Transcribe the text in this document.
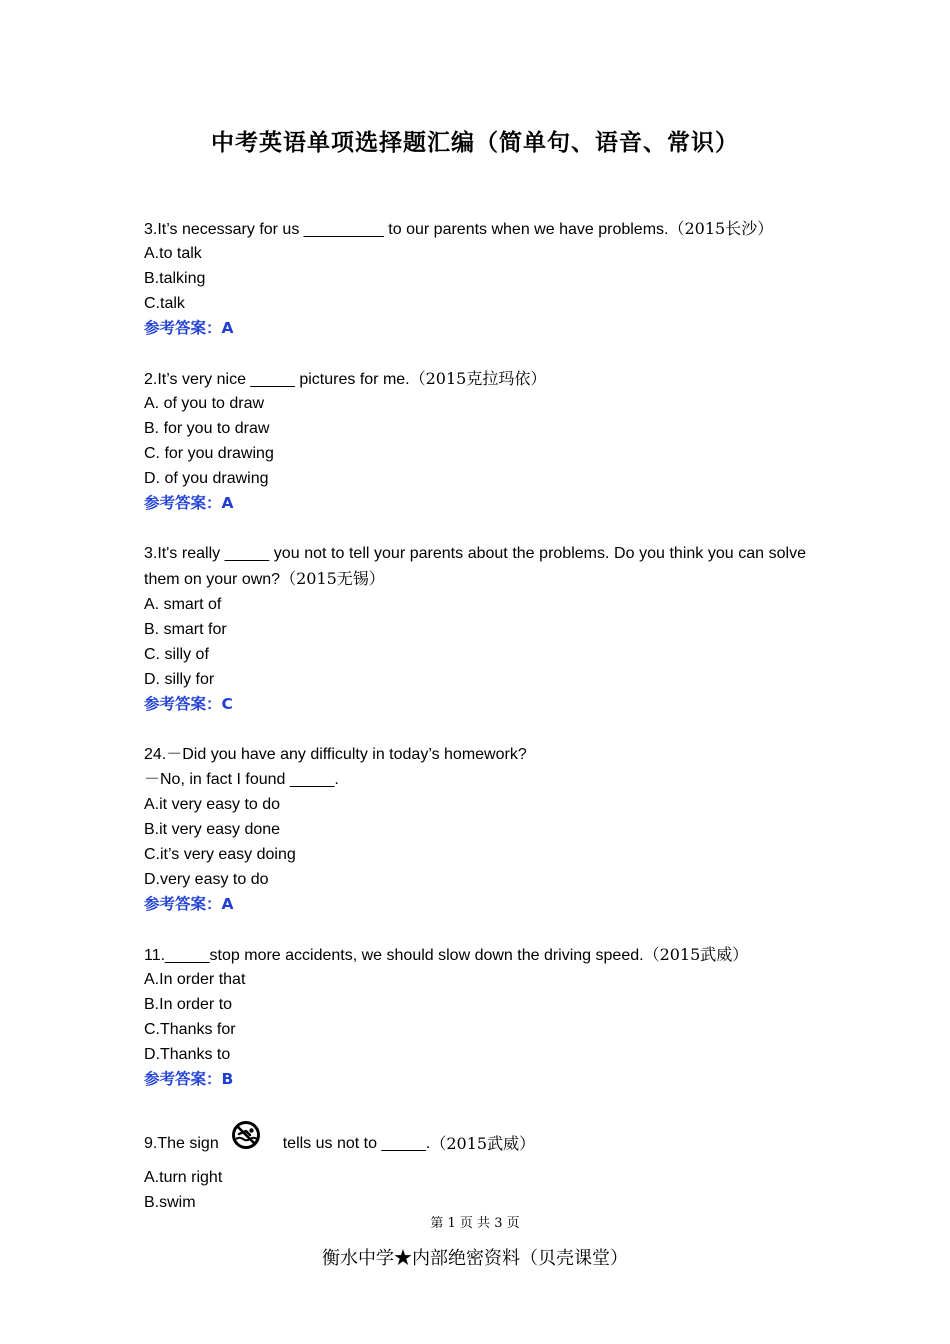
中考英语单项选择题汇编（简单句、语音、常识）
3.It’s necessary for us _________ to our parents when we have problems.（2015长沙）
A.to talk
B.talking
C.talk
参考答案：A
2.It’s very nice _____ pictures for me.（2015克拉玛依）
A. of you to draw
B. for you to draw
C. for you drawing
D. of you drawing
参考答案：A
3.It's really _____ you not to tell your parents about the problems. Do you think you can solve them on your own?（2015无锡）
A. smart of
B. smart for
C. silly of
D. silly for
参考答案：C
24.－Did you have any difficulty in today’s homework?
－No, in fact I found _____.
A.it very easy to do
B.it very easy done
C.it’s very easy doing
D.very easy to do
参考答案：A
11._____stop more accidents, we should slow down the driving speed.（2015武威）
A.In order that
B.In order to
C.Thanks for
D.Thanks to
参考答案：B
9.The sign	tells us not to _____. （2015武威）
A.turn right
B.swim
第 1 页 共 3 页
衡水中学★内部绝密资料（贝壳课堂）
